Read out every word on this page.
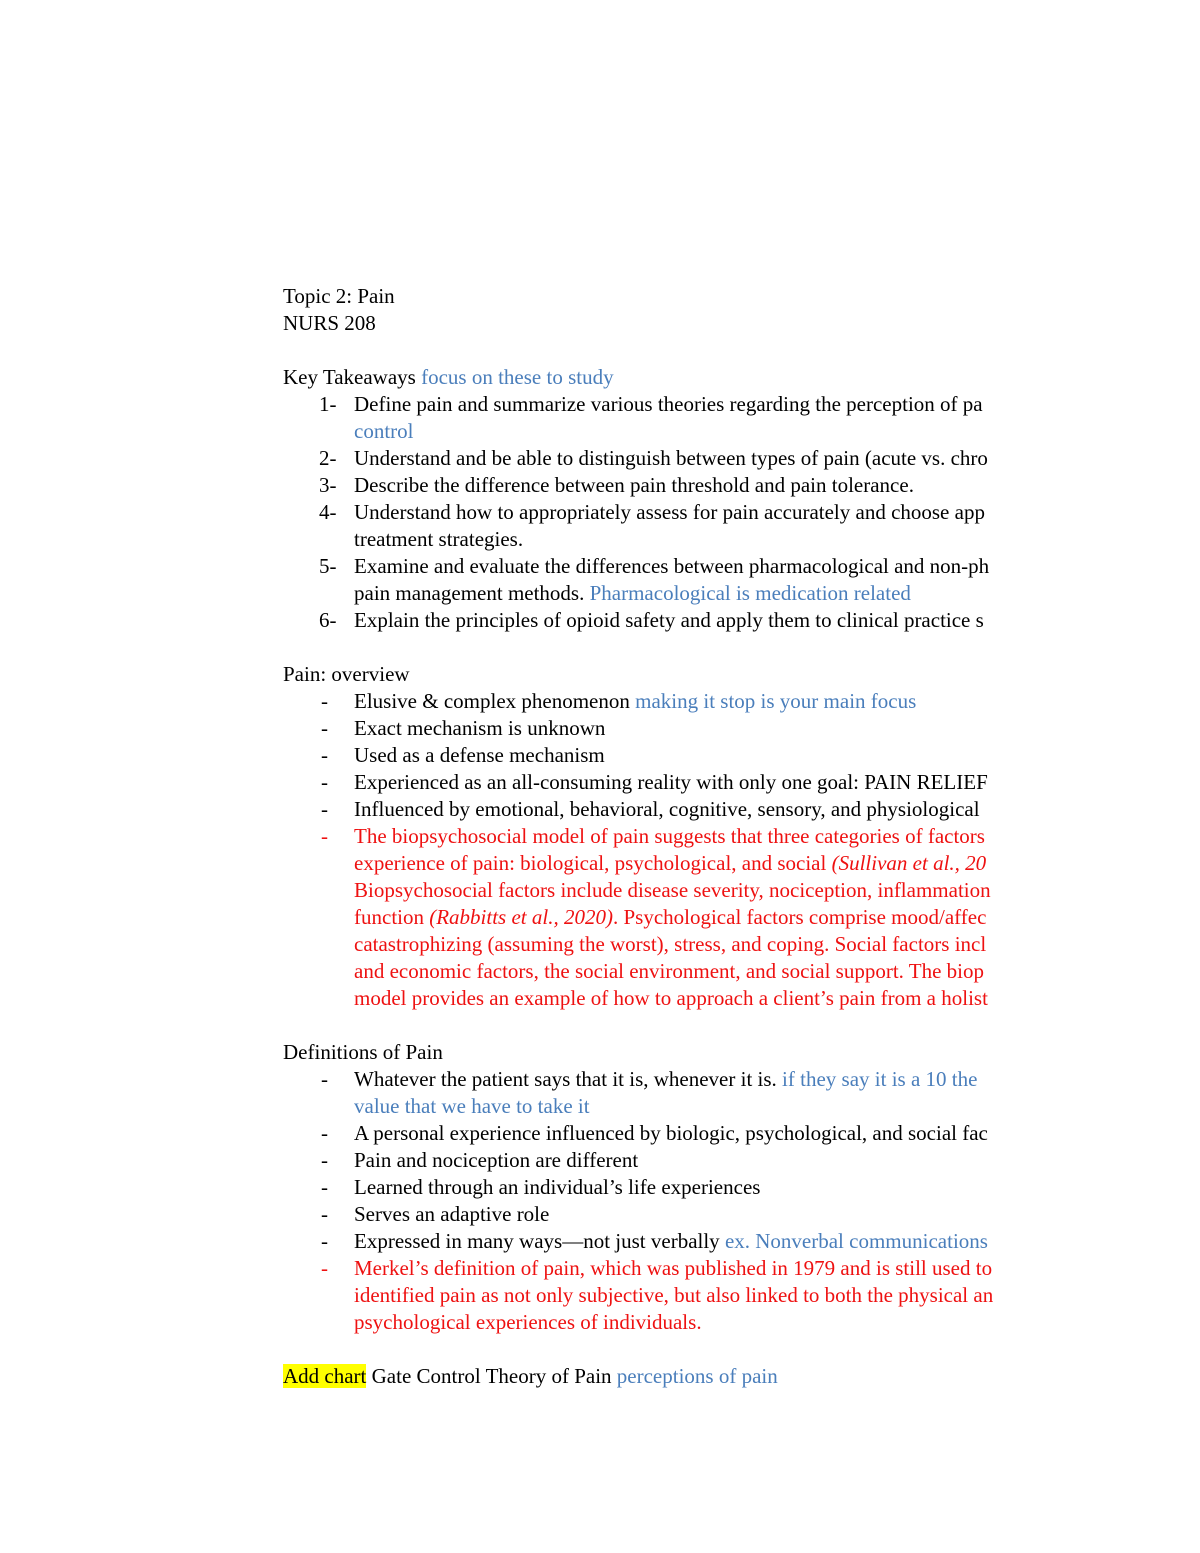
Topic 2: Pain
NURS 208
Key Takeaways focus on these to study
1- Define pain and summarize various theories regarding the perception of pa
control
2- Understand and be able to distinguish between types of pain (acute vs. chro
3- Describe the difference between pain threshold and pain tolerance.
4- Understand how to appropriately assess for pain accurately and choose app
treatment strategies.
5- Examine and evaluate the differences between pharmacological and non-ph
pain management methods. Pharmacological is medication related
6- Explain the principles of opioid safety and apply them to clinical practice s
Pain: overview
- Elusive & complex phenomenon making it stop is your main focus
- Exact mechanism is unknown
- Used as a defense mechanism
- Experienced as an all-consuming reality with only one goal: PAIN RELIEF
- Influenced by emotional, behavioral, cognitive, sensory, and physiological
- The biopsychosocial model of pain suggests that three categories of factors
experience of pain: biological, psychological, and social (Sullivan et al., 20
Biopsychosocial factors include disease severity, nociception, inflammation
function (Rabbitts et al., 2020). Psychological factors comprise mood/affec
catastrophizing (assuming the worst), stress, and coping. Social factors incl
and economic factors, the social environment, and social support. The biop
model provides an example of how to approach a client’s pain from a holist
Definitions of Pain
- Whatever the patient says that it is, whenever it is. if they say it is a 10 the
value that we have to take it
- A personal experience influenced by biologic, psychological, and social fac
- Pain and nociception are different
- Learned through an individual’s life experiences
- Serves an adaptive role
- Expressed in many ways—not just verbally ex. Nonverbal communications
- Merkel’s definition of pain, which was published in 1979 and is still used to
identified pain as not only subjective, but also linked to both the physical an
psychological experiences of individuals.
Add chart Gate Control Theory of Pain perceptions of pain
